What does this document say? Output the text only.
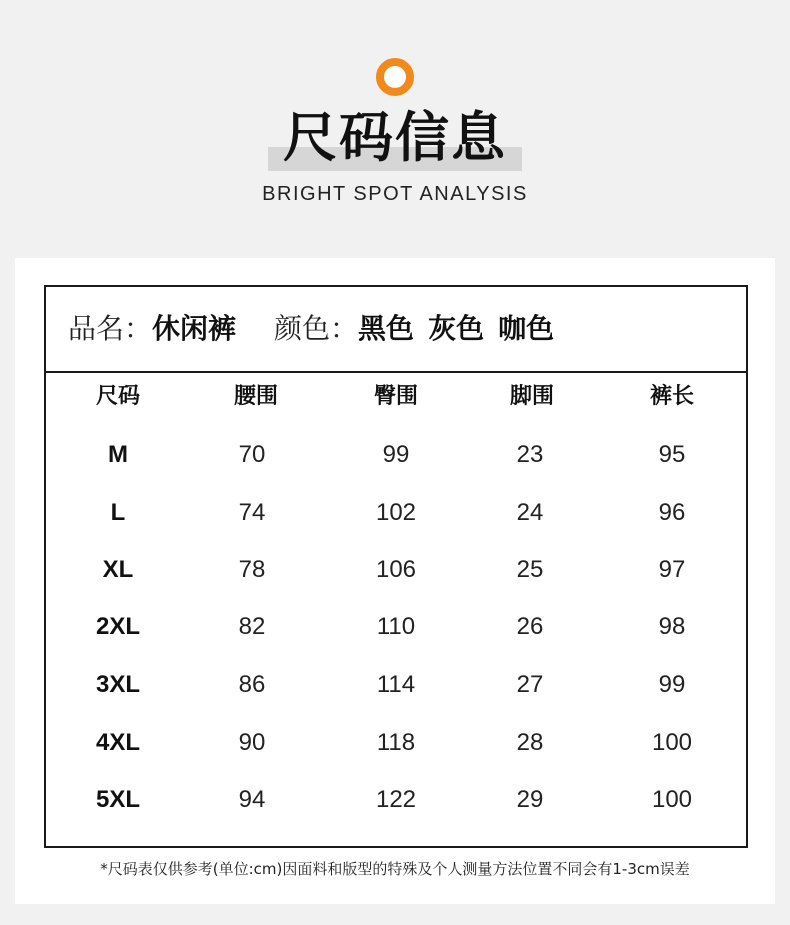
尺码信息
BRIGHT SPOT ANALYSIS
品名：休闲裤 颜色：黑色 灰色 咖色
尺码	腰围	臀围	脚围	裤长
M	70	99	23	95
L	74	102	24	96
XL	78	106	25	97
2XL	82	110	26	98
3XL	86	114	27	99
4XL	90	118	28	100
5XL	94	122	29	100
*尺码表仅供参考(单位:cm)因面料和版型的特殊及个人测量方法位置不同会有1-3cm误差
